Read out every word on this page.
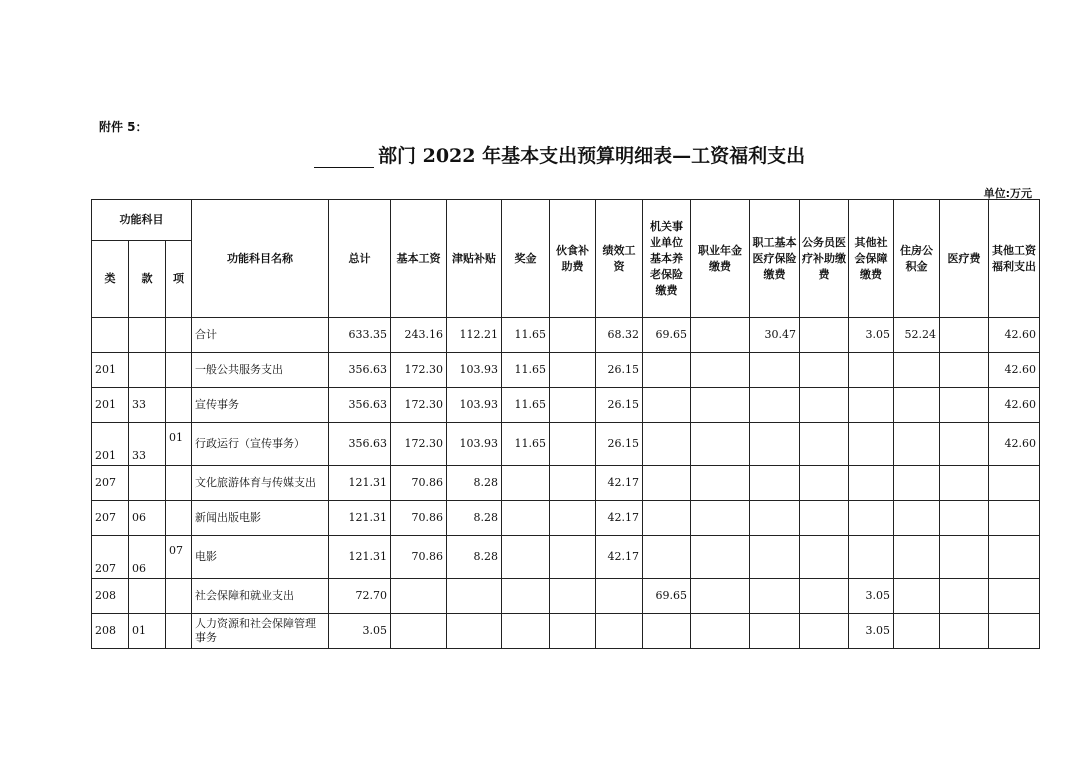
附件 5：
部门 2022 年基本支出预算明细表—工资福利支出
单位:万元
功能科目			功能科目名称	总计	基本工资	津贴补贴	奖金	伙食补助费	绩效工资	机关事业单位基本养老保险缴费	职业年金缴费	职工基本医疗保险缴费	公务员医疗补助缴费	其他社会保障缴费	住房公积金	医疗费	其他工资福利支出
类	款	项															
			合计	633.35	243.16	112.21	11.65		68.32	69.65		30.47		3.05	52.24		42.60
201			一般公共服务支出	356.63	172.30	103.93	11.65		26.15								42.60
201	33		宣传事务	356.63	172.30	103.93	11.65		26.15								42.60
201	33	01	行政运行（宣传事务）	356.63	172.30	103.93	11.65		26.15								42.60
207			文化旅游体育与传媒支出	121.31	70.86	8.28			42.17								
207	06		新闻出版电影	121.31	70.86	8.28			42.17								
207	06	07	电影	121.31	70.86	8.28			42.17								
208			社会保障和就业支出	72.70						69.65				3.05			
208	01		人力资源和社会保障管理事务	3.05										3.05			
